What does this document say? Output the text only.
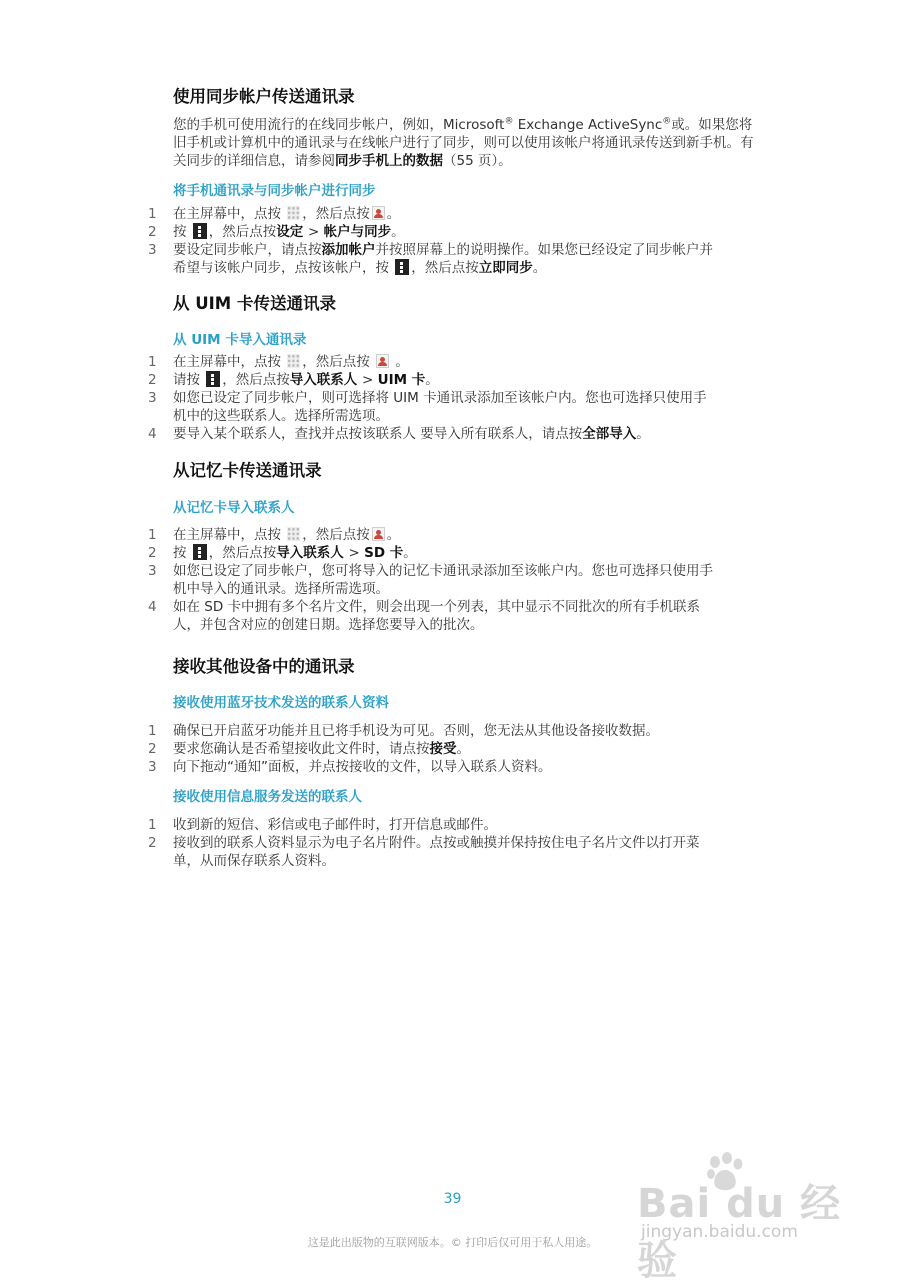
使用同步帐户传送通讯录

您的手机可使用流行的在线同步帐户，例如，Microsoft® Exchange ActiveSync®或。如果您将旧手机或计算机中的通讯录与在线帐户进行了同步，则可以使用该帐户将通讯录传送到新手机。有关同步的详细信息，请参阅同步手机上的数据（55 页）。

将手机通讯录与同步帐户进行同步
1 在主屏幕中，点按 ，然后点按 。
2 按 ，然后点按设定 > 帐户与同步。
3 要设定同步帐户，请点按添加帐户并按照屏幕上的说明操作。如果您已经设定了同步帐户并希望与该帐户同步，点按该帐户，按 ，然后点按立即同步。
从 UIM 卡传送通讯录
从 UIM 卡导入通讯录
1 在主屏幕中，点按 ，然后点按  。
2 请按 ，然后点按导入联系人 > UIM 卡。
3 如您已设定了同步帐户，则可选择将 UIM 卡通讯录添加至该帐户内。您也可选择只使用手机中的这些联系人。选择所需选项。
4 要导入某个联系人，查找并点按该联系人 要导入所有联系人，请点按全部导入。
从记忆卡传送通讯录
从记忆卡导入联系人
1 在主屏幕中，点按 ，然后点按 。
2 按 ，然后点按导入联系人 > SD 卡。
3 如您已设定了同步帐户，您可将导入的记忆卡通讯录添加至该帐户内。您也可选择只使用手机中导入的通讯录。选择所需选项。
4 如在 SD 卡中拥有多个名片文件，则会出现一个列表，其中显示不同批次的所有手机联系人，并包含对应的创建日期。选择您要导入的批次。
接收其他设备中的通讯录
接收使用蓝牙技术发送的联系人资料
1 确保已开启蓝牙功能并且已将手机设为可见。否则，您无法从其他设备接收数据。
2 要求您确认是否希望接收此文件时，请点按接受。
3 向下拖动“通知”面板，并点按接收的文件，以导入联系人资料。
接收使用信息服务发送的联系人
1 收到新的短信、彩信或电子邮件时，打开信息或邮件。
2 接收到的联系人资料显示为电子名片附件。点按或触摸并保持按住电子名片文件以打开菜单，从而保存联系人资料。
Bai du 经验
jingyan.baidu.com
39
这是此出版物的互联网版本。© 打印后仅可用于私人用途。
